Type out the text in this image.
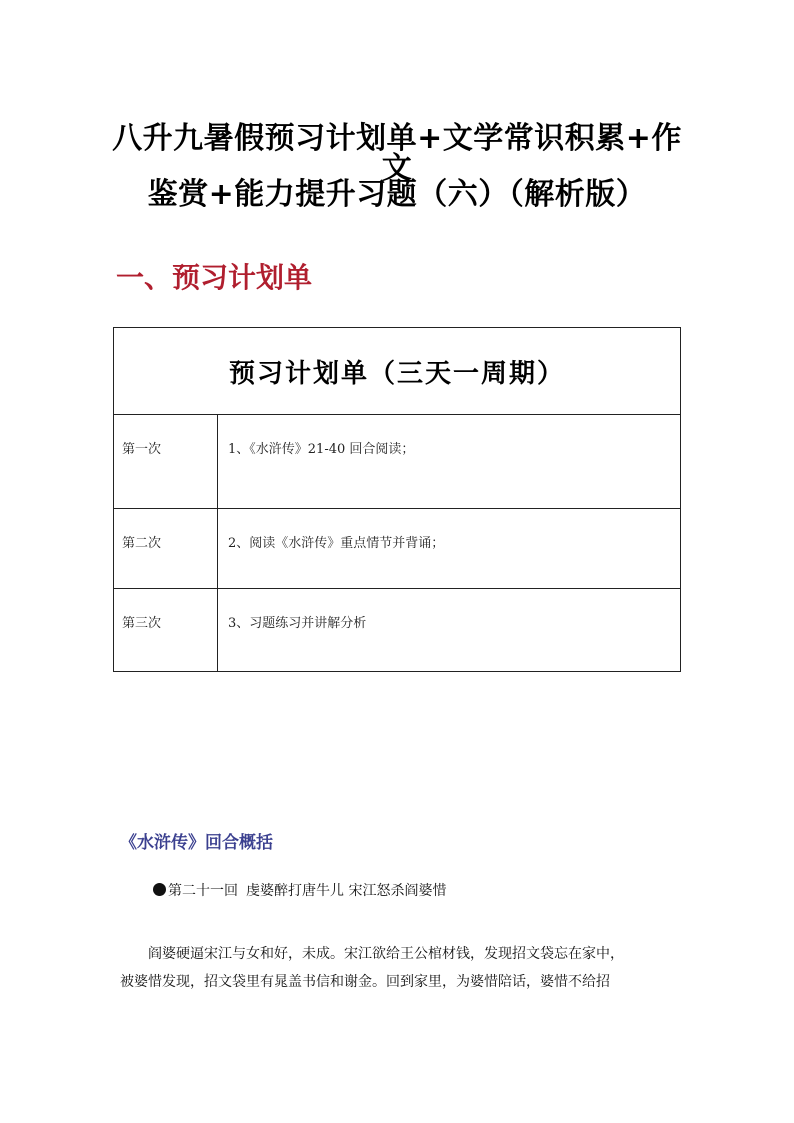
八升九暑假预习计划单+文学常识积累+作文
鉴赏+能力提升习题（六）（解析版）
一、预习计划单
预习计划单（三天一周期）	

第一次	1、《水浒传》21-40 回合阅读；

第二次	2、阅读《水浒传》重点情节并背诵；

第三次	3、习题练习并讲解分析
《水浒传》回合概括

第二十一回 虔婆醉打唐牛儿 宋江怒杀阎婆惜

阎婆硬逼宋江与女和好，未成。宋江欲给王公棺材钱，发现招文袋忘在家中，

被婆惜发现，招文袋里有晁盖书信和谢金。回到家里，为婆惜陪话，婆惜不给招
